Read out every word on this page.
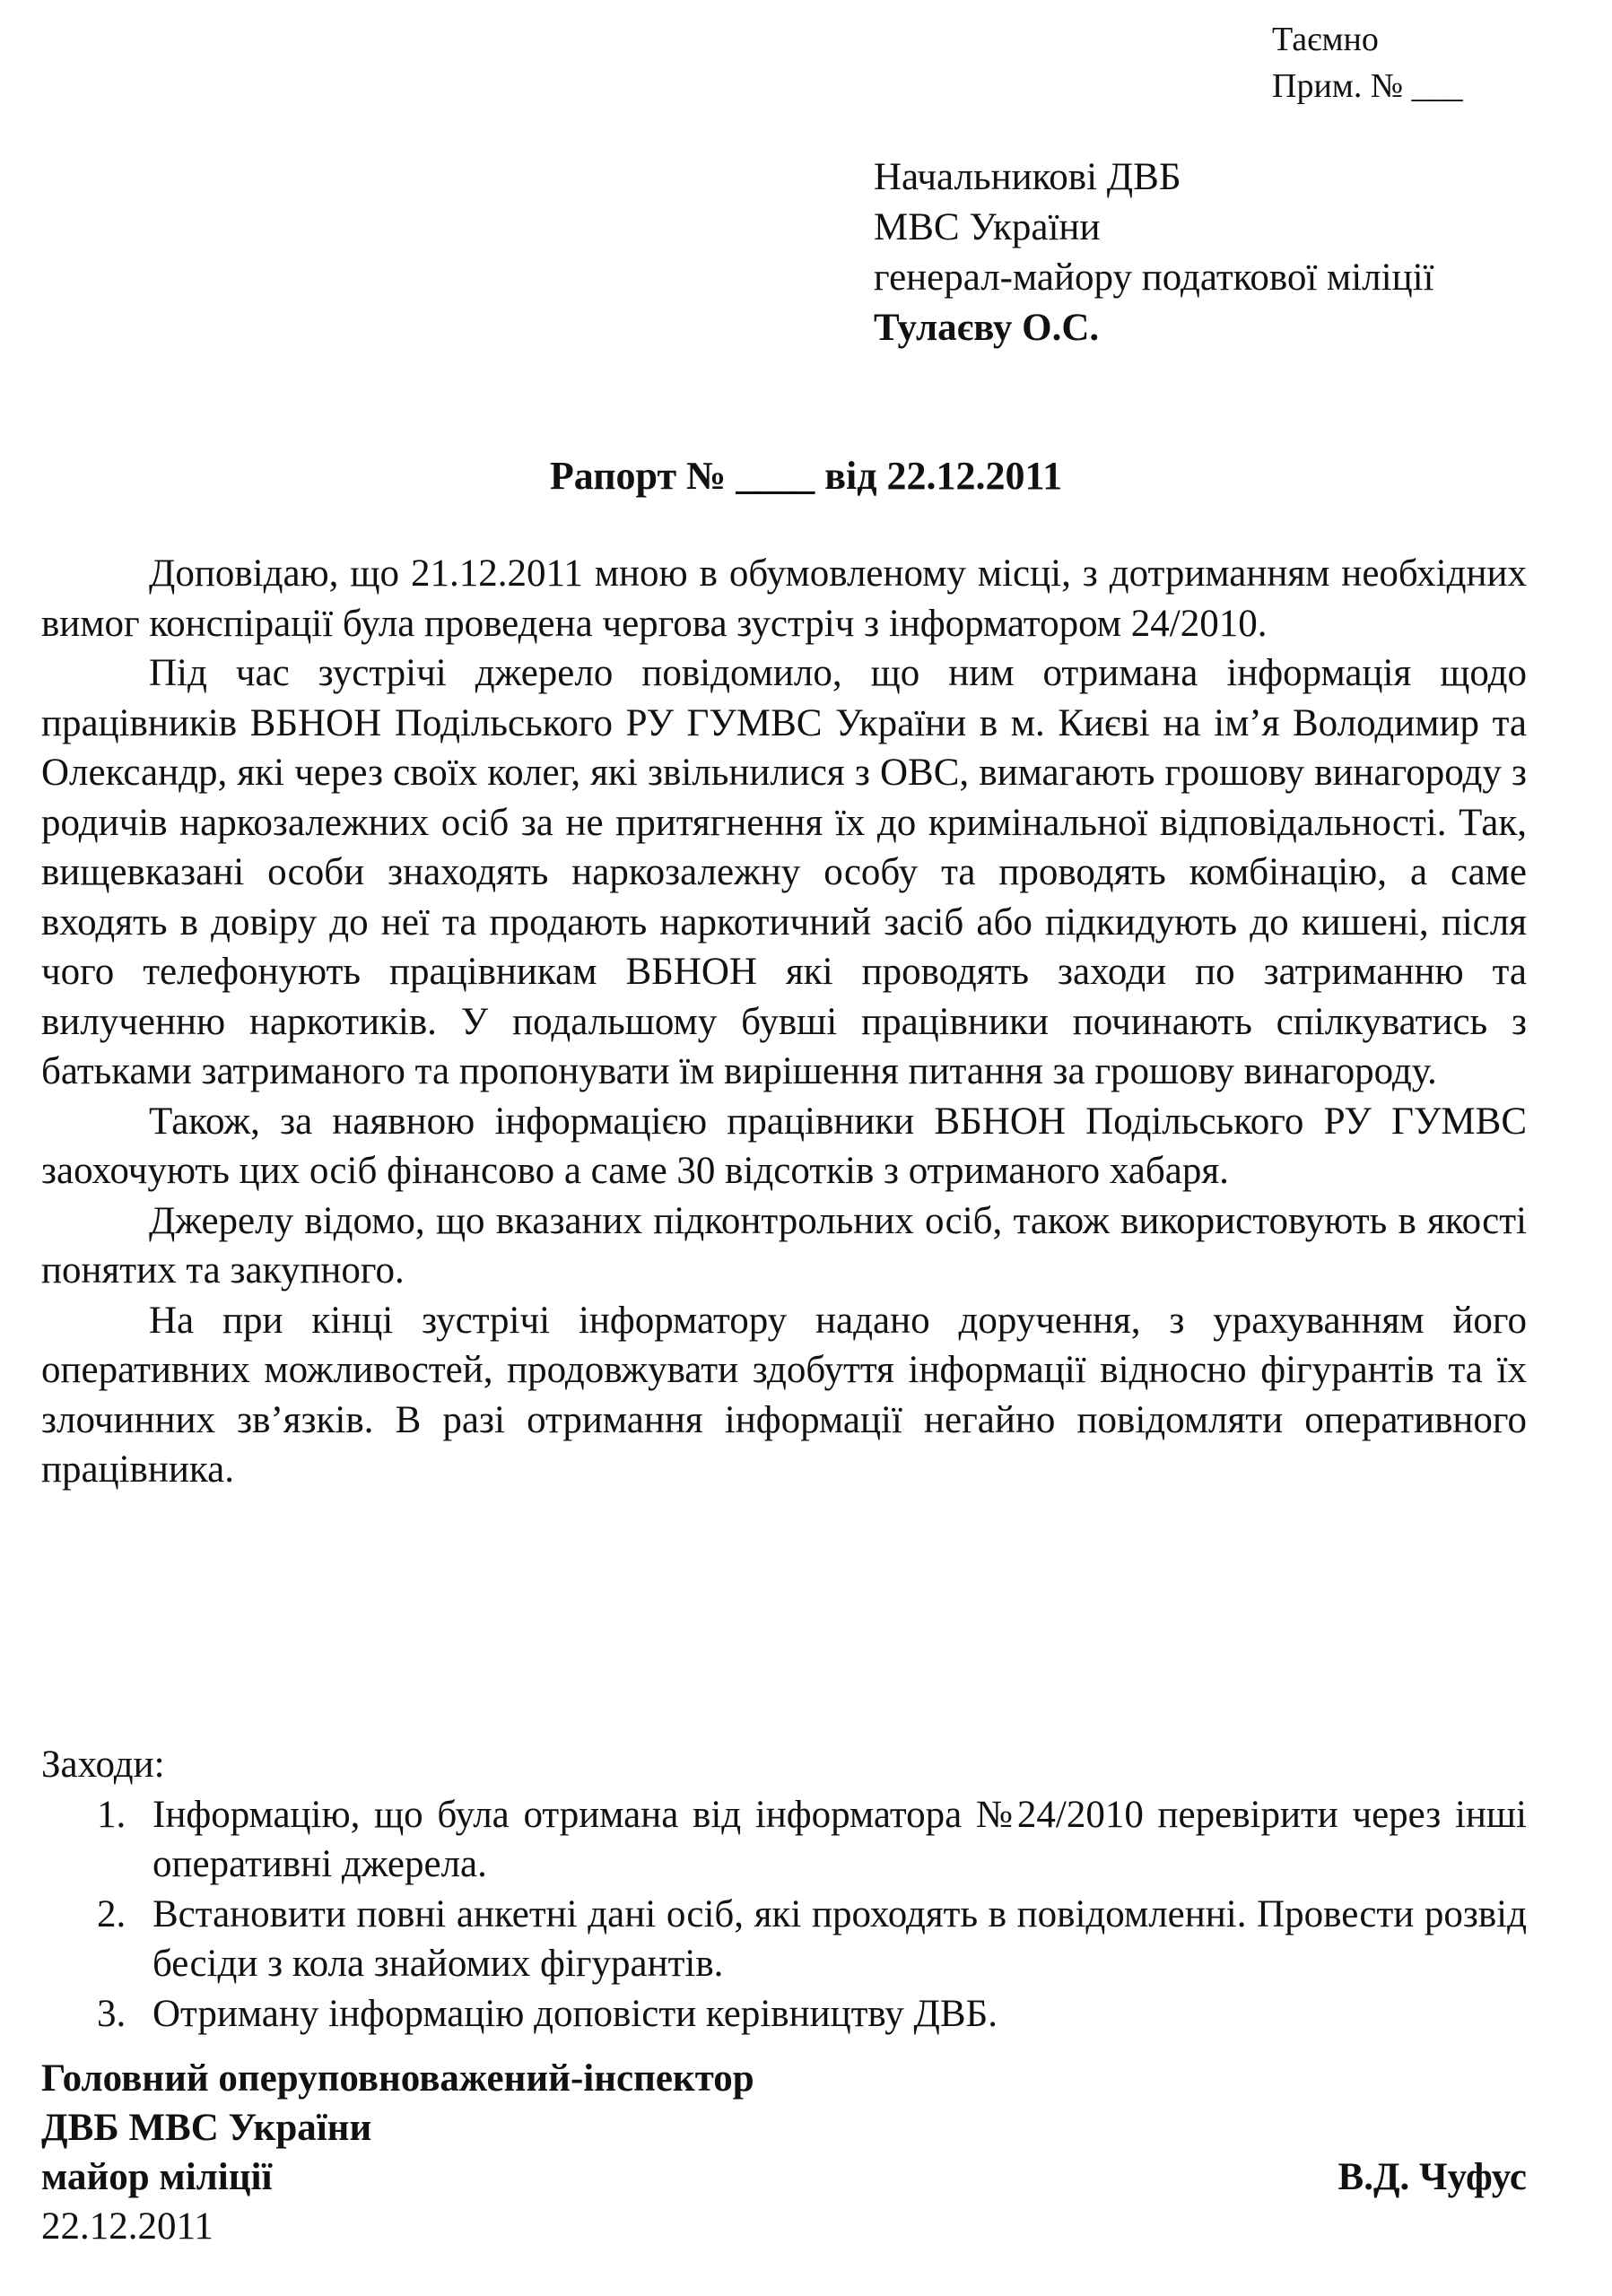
Таємно
Прим. № ___
Начальникові ДВБ
МВС України
генерал-майору податкової міліції
Тулаєву О.С.
Рапорт № ____ від 22.12.2011

Доповідаю, що 21.12.2011 мною в обумовленому місці, з дотриманням необхідних вимог конспірації була проведена чергова зустріч з інформатором 24/2010.

Під час зустрічі джерело повідомило, що ним отримана інформація щодо працівників ВБНОН Подільського РУ ГУМВС України в м. Києві на ім’я Володимир та Олександр, які через своїх колег, які звільнилися з ОВС, вимагають грошову винагороду з родичів наркозалежних осіб за не притягнення їх до кримінальної відповідальності. Так, вищевказані особи знаходять наркозалежну особу та проводять комбінацію, а саме входять в довіру до неї та продають наркотичний засіб або підкидують до кишені, після чого телефонують працівникам ВБНОН які проводять заходи по затриманню та вилученню наркотиків. У подальшому бувші працівники починають спілкуватись з батьками затриманого та пропонувати їм вирішення питання за грошову винагороду.

Також, за наявною інформацією працівники ВБНОН Подільського РУ ГУМВС заохочують цих осіб фінансово а саме 30 відсотків з отриманого хабаря.

Джерелу відомо, що вказаних підконтрольних осіб, також використовують в якості понятих та закупного.

На при кінці зустрічі інформатору надано доручення, з урахуванням його оперативних можливостей, продовжувати здобуття інформації відносно фігурантів та їх злочинних зв’язків. В разі отримання інформації негайно повідомляти оперативного працівника.

Заходи:
1. Інформацію, що була отримана від інформатора №24/2010 перевірити через інші оперативні джерела.
2. Встановити повні анкетні дані осіб, які проходять в повідомленні. Провести розвід бесіди з кола знайомих фігурантів.
3. Отриману інформацію доповісти керівництву ДВБ.
Головний оперуповноважений-інспектор
ДВБ МВС України
майор міліції
22.12.2011
В.Д. Чуфус
